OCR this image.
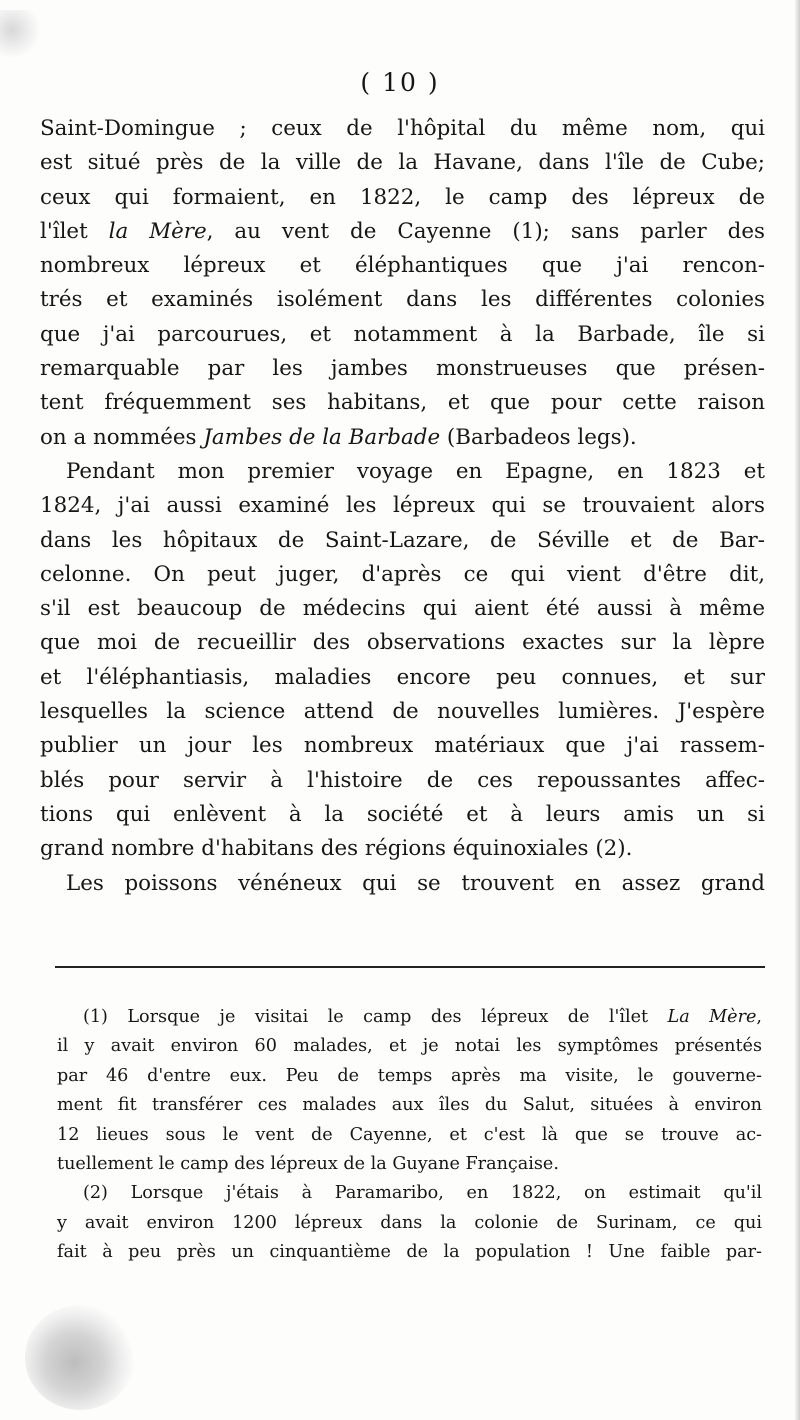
( 10 )
Saint-Domingue ; ceux de l'hôpital du même nom, qui
est situé près de la ville de la Havane, dans l'île de Cube;
ceux qui formaient, en 1822, le camp des lépreux de
l'îlet la Mère, au vent de Cayenne (1); sans parler des
nombreux lépreux et éléphantiques que j'ai rencon-
trés et examinés isolément dans les différentes colonies
que j'ai parcourues, et notamment à la Barbade, île si
remarquable par les jambes monstrueuses que présen-
tent fréquemment ses habitans, et que pour cette raison
on a nommées Jambes de la Barbade (Barbadeos legs).
Pendant mon premier voyage en Epagne, en 1823 et
1824, j'ai aussi examiné les lépreux qui se trouvaient alors
dans les hôpitaux de Saint-Lazare, de Séville et de Bar-
celonne. On peut juger, d'après ce qui vient d'être dit,
s'il est beaucoup de médecins qui aient été aussi à même
que moi de recueillir des observations exactes sur la lèpre
et l'éléphantiasis, maladies encore peu connues, et sur
lesquelles la science attend de nouvelles lumières. J'espère
publier un jour les nombreux matériaux que j'ai rassem-
blés pour servir à l'histoire de ces repoussantes affec-
tions qui enlèvent à la société et à leurs amis un si
grand nombre d'habitans des régions équinoxiales (2).
Les poissons vénéneux qui se trouvent en assez grand
(1) Lorsque je visitai le camp des lépreux de l'îlet La Mère,
il y avait environ 60 malades, et je notai les symptômes présentés
par 46 d'entre eux. Peu de temps après ma visite, le gouverne-
ment fit transférer ces malades aux îles du Salut, situées à environ
12 lieues sous le vent de Cayenne, et c'est là que se trouve ac-
tuellement le camp des lépreux de la Guyane Française.
(2) Lorsque j'étais à Paramaribo, en 1822, on estimait qu'il
y avait environ 1200 lépreux dans la colonie de Surinam, ce qui
fait à peu près un cinquantième de la population ! Une faible par-
